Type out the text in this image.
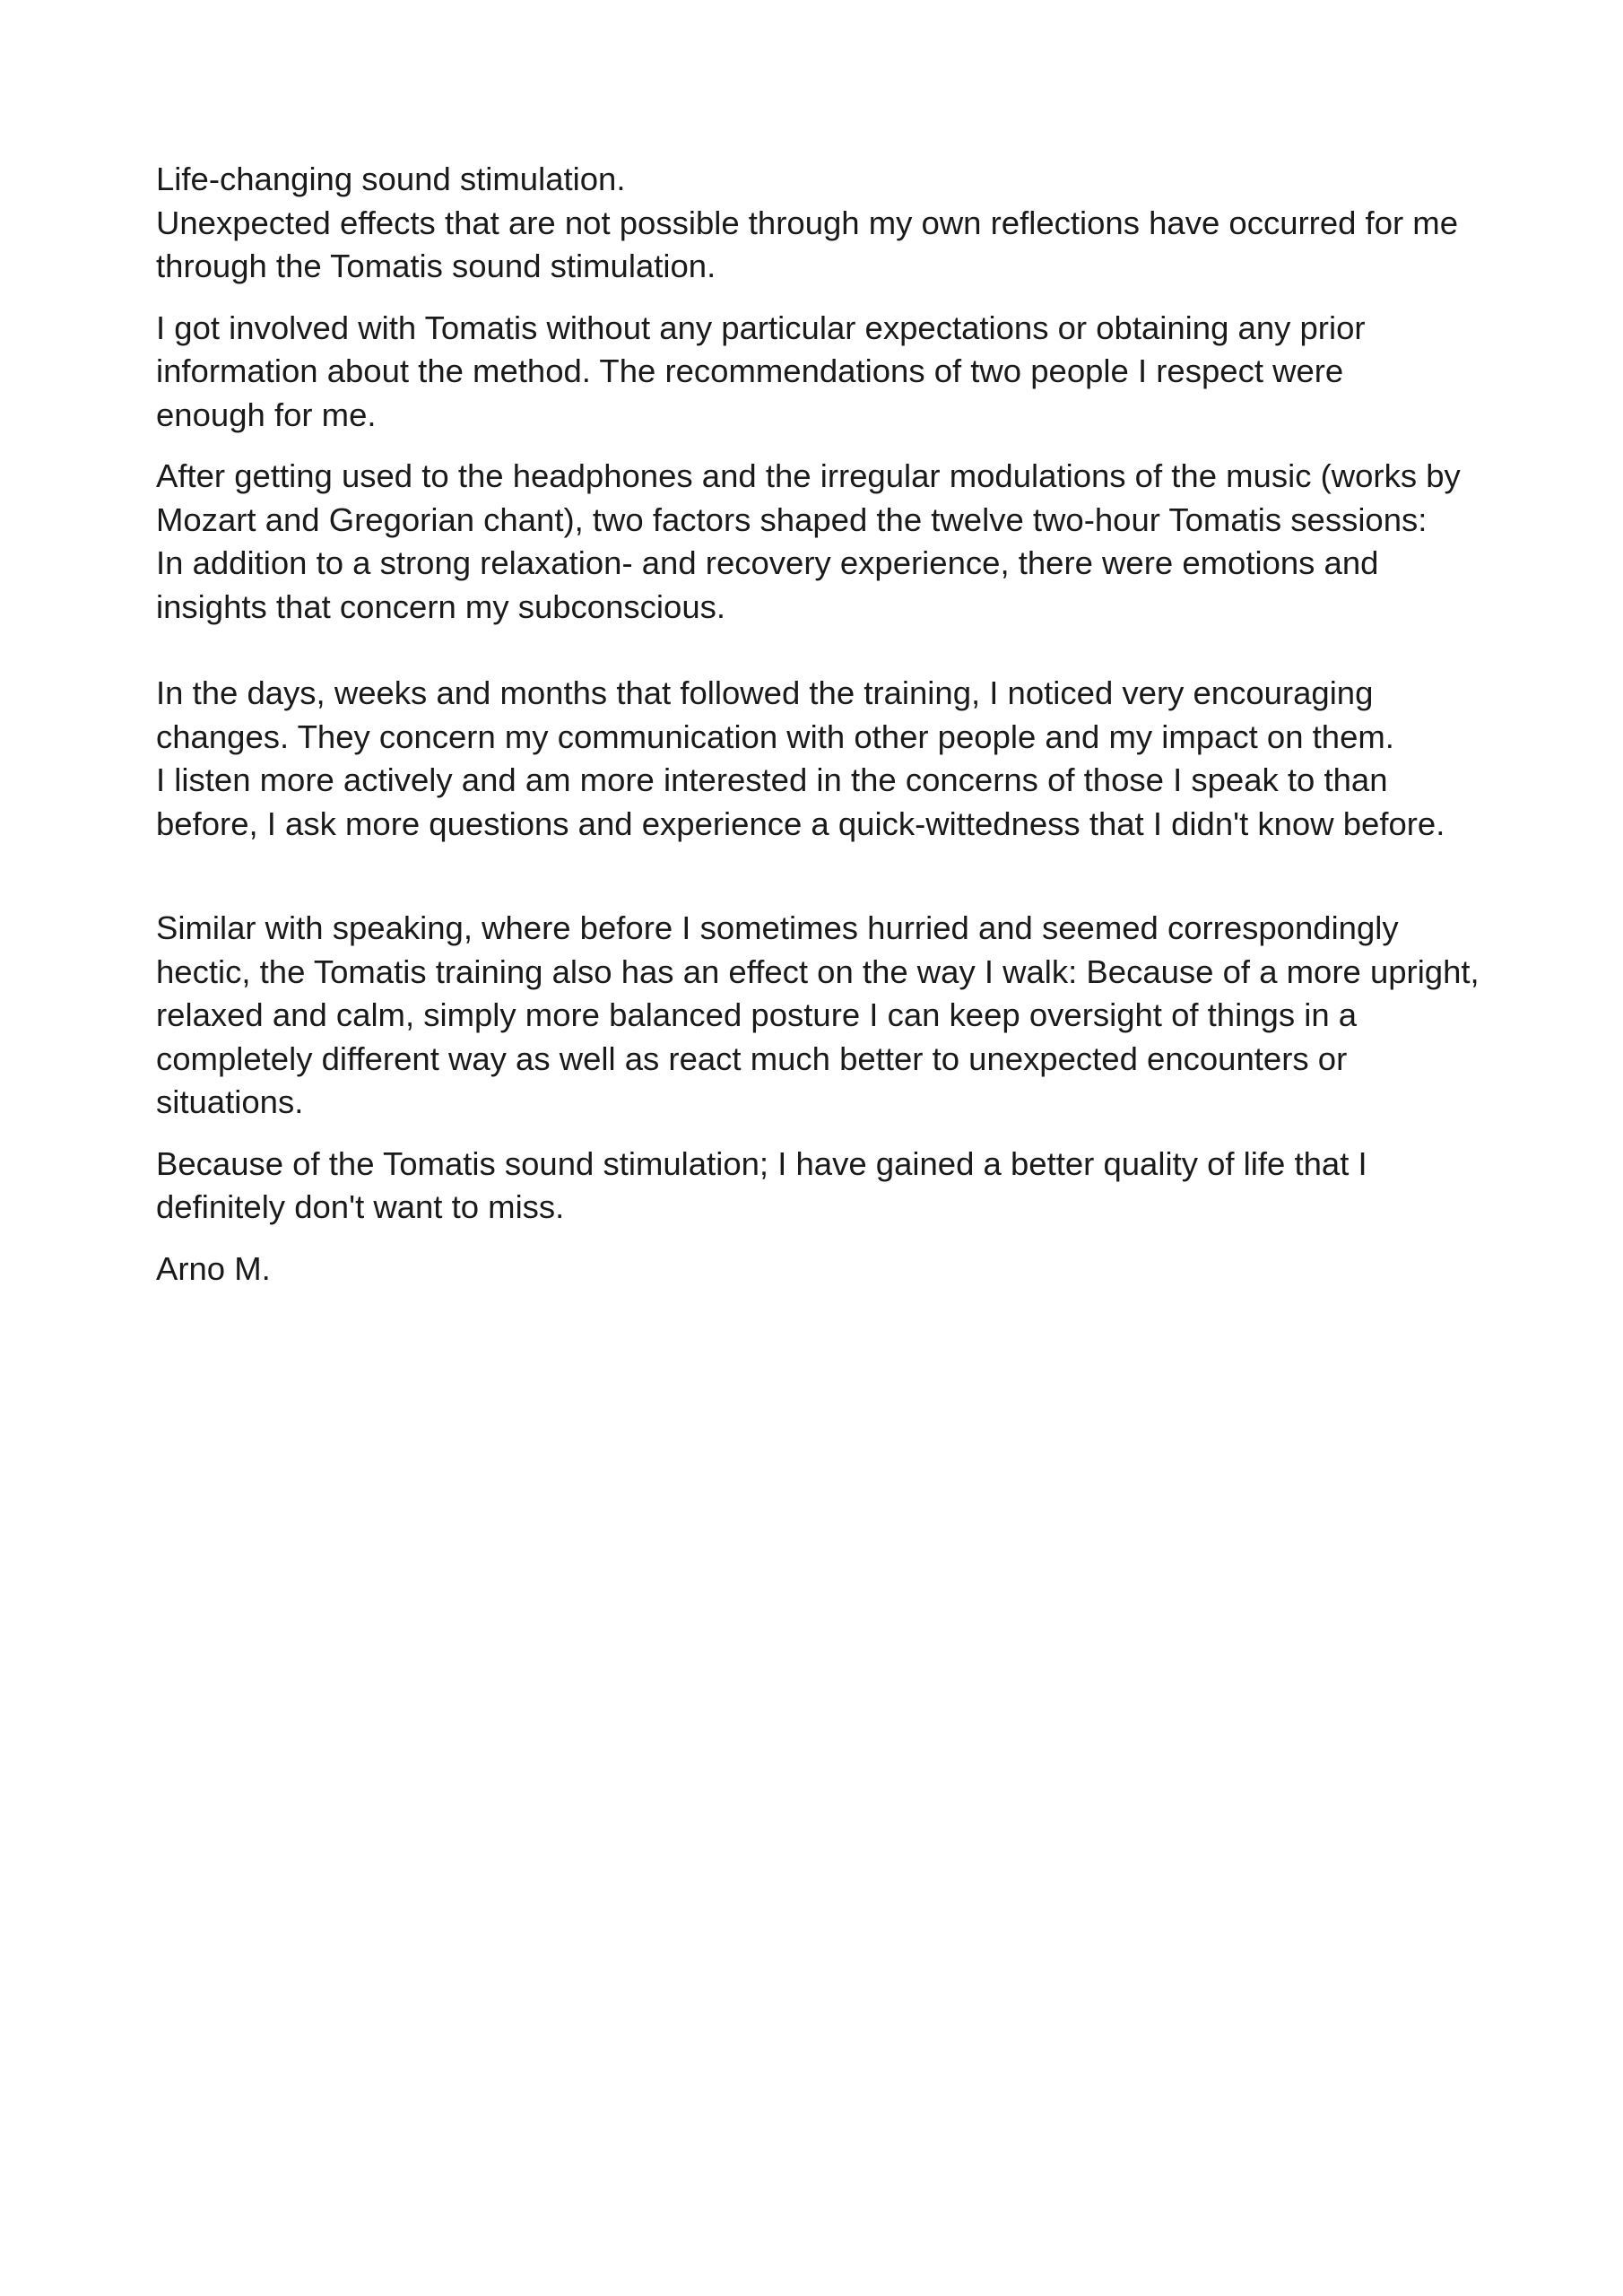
Life-changing sound stimulation.
Unexpected effects that are not possible through my own reflections have occurred for me
through the Tomatis sound stimulation.
I got involved with Tomatis without any particular expectations or obtaining any prior
information about the method. The recommendations of two people I respect were
enough for me.
After getting used to the headphones and the irregular modulations of the music (works by
Mozart and Gregorian chant), two factors shaped the twelve two-hour Tomatis sessions:
In addition to a strong relaxation- and recovery experience, there were emotions and
insights that concern my subconscious.
In the days, weeks and months that followed the training, I noticed very encouraging
changes. They concern my communication with other people and my impact on them.
I listen more actively and am more interested in the concerns of those I speak to than
before, I ask more questions and experience a quick-wittedness that I didn't know before.
Similar with speaking, where before I sometimes hurried and seemed correspondingly
hectic, the Tomatis training also has an effect on the way I walk: Because of a more upright,
relaxed and calm, simply more balanced posture I can keep oversight of things in a
completely different way as well as react much better to unexpected encounters or
situations.
Because of the Tomatis sound stimulation; I have gained a better quality of life that I
definitely don't want to miss.
Arno M.
